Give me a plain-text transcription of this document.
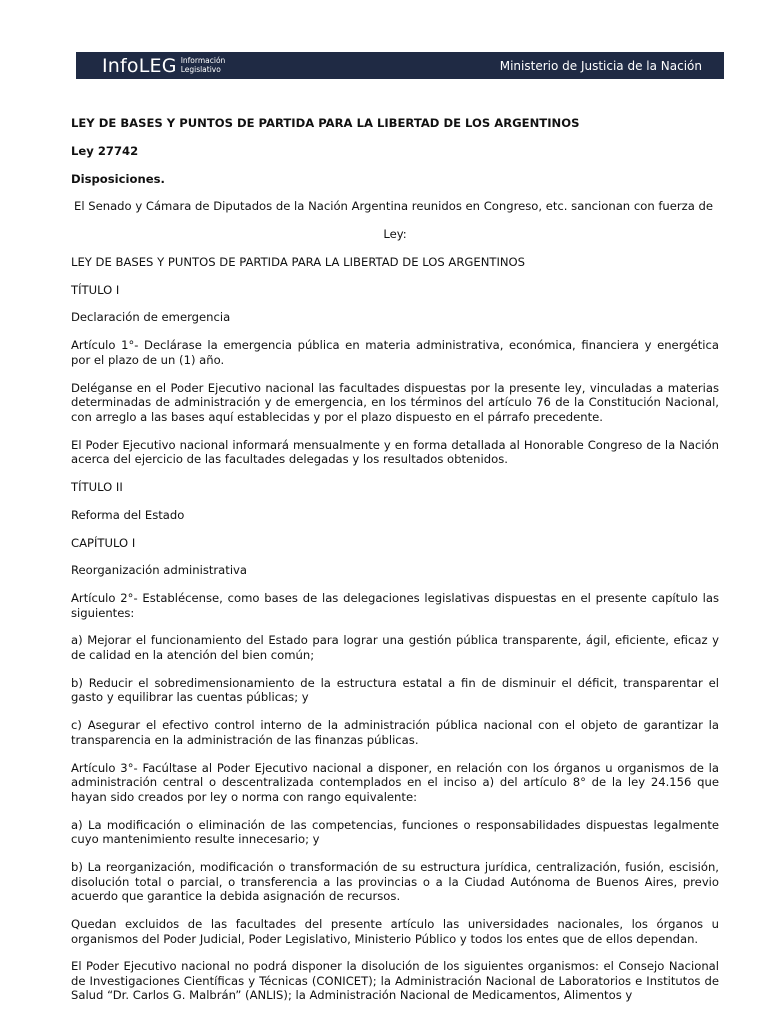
InfoLEG Información
Legislativo	Ministerio de Justicia de la Nación

LEY DE BASES Y PUNTOS DE PARTIDA PARA LA LIBERTAD DE LOS ARGENTINOS

Ley 27742

Disposiciones.

El Senado y Cámara de Diputados de la Nación Argentina reunidos en Congreso, etc. sancionan con fuerza de

Ley:

LEY DE BASES Y PUNTOS DE PARTIDA PARA LA LIBERTAD DE LOS ARGENTINOS

TÍTULO I

Declaración de emergencia

Artículo 1°- Declárase la emergencia pública en materia administrativa, económica, financiera y energética por el plazo de un (1) año.

Deléganse en el Poder Ejecutivo nacional las facultades dispuestas por la presente ley, vinculadas a materias determinadas de administración y de emergencia, en los términos del artículo 76 de la Constitución Nacional, con arreglo a las bases aquí establecidas y por el plazo dispuesto en el párrafo precedente.

El Poder Ejecutivo nacional informará mensualmente y en forma detallada al Honorable Congreso de la Nación acerca del ejercicio de las facultades delegadas y los resultados obtenidos.

TÍTULO II

Reforma del Estado

CAPÍTULO I

Reorganización administrativa

Artículo 2°- Establécense, como bases de las delegaciones legislativas dispuestas en el presente capítulo las siguientes:

a) Mejorar el funcionamiento del Estado para lograr una gestión pública transparente, ágil, eficiente, eficaz y de calidad en la atención del bien común;

b) Reducir el sobredimensionamiento de la estructura estatal a fin de disminuir el déficit, transparentar el gasto y equilibrar las cuentas públicas; y

c) Asegurar el efectivo control interno de la administración pública nacional con el objeto de garantizar la transparencia en la administración de las finanzas públicas.

Artículo 3°- Facúltase al Poder Ejecutivo nacional a disponer, en relación con los órganos u organismos de la administración central o descentralizada contemplados en el inciso a) del artículo 8° de la ley 24.156 que hayan sido creados por ley o norma con rango equivalente:

a) La modificación o eliminación de las competencias, funciones o responsabilidades dispuestas legalmente cuyo mantenimiento resulte innecesario; y

b) La reorganización, modificación o transformación de su estructura jurídica, centralización, fusión, escisión, disolución total o parcial, o transferencia a las provincias o a la Ciudad Autónoma de Buenos Aires, previo acuerdo que garantice la debida asignación de recursos.

Quedan excluidos de las facultades del presente artículo las universidades nacionales, los órganos u organismos del Poder Judicial, Poder Legislativo, Ministerio Público y todos los entes que de ellos dependan.

El Poder Ejecutivo nacional no podrá disponer la disolución de los siguientes organismos: el Consejo Nacional de Investigaciones Científicas y Técnicas (CONICET); la Administración Nacional de Laboratorios e Institutos de Salud “Dr. Carlos G. Malbrán” (ANLIS); la Administración Nacional de Medicamentos, Alimentos y
